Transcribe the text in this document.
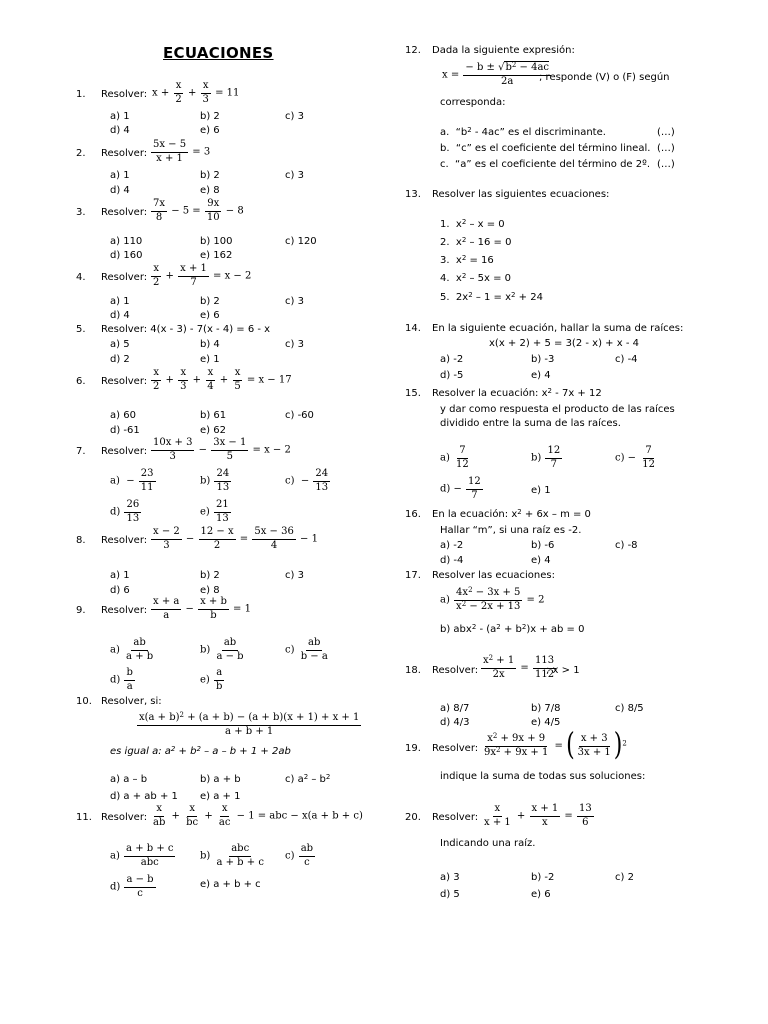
ECUACIONES
1. Resolver: $x + \frac{x}{2} + \frac{x}{3} = 11$
a) 1	b) 2	c) 3
d) 4	e) 6
2. Resolver: $\frac{5x - 5}{x + 1} = 3$
a) 1	b) 2	c) 3
d) 4	e) 8
3. Resolver: $\frac{7x}{8} - 5 = \frac{9x}{10} - 8$
a) 110	b) 100	c) 120
d) 160	e) 162
4. Resolver: $\frac{x}{2} + \frac{x + 1}{7} = x - 2$
a) 1	b) 2	c) 3
d) 4	e) 6
5. Resolver: 4(x - 3) - 7(x - 4) = 6 - x
a) 5	b) 4	c) 3
d) 2	e) 1
6. Resolver: $\frac{x}{2} + \frac{x}{3} + \frac{x}{4} + \frac{x}{5} = x - 17$
a) 60	b) 61	c) -60
d) -61	e) 62
7. Resolver: $\frac{10x + 3}{3} - \frac{3x - 1}{5} = x - 2$
$a) - \frac{23}{11}$	$b) \frac{24}{13}$	$c) - \frac{24}{13}$
$d) \frac{26}{13}$	$e) \frac{21}{13}$
8. Resolver: $\frac{x - 2}{3} - \frac{12 - x}{2} = \frac{5x - 36}{4} - 1$
a) 1	b) 2	c) 3
d) 6	e) 8
9. Resolver: $\frac{x + a}{a} - \frac{x + b}{b} = 1$
$a) \frac{ab}{a + b}$	$b) \frac{ab}{a - b}$	$c) \frac{ab}{b - a}$
$d) \frac{b}{a}$	$e) \frac{a}{b}$
10. Resolver, si:
$\frac{x(a + b)^2 + (a + b) - (a + b)(x + 1) + x + 1}{a + b + 1}$
es igual a: $a^2 + b^2 - a - b + 1 + 2ab$
a) a – b	b) a + b	c) $a^2 - b^2$
d) a + ab + 1 e) a + 1
11. Resolver: $\frac{x}{ab} + \frac{x}{bc} + \frac{x}{ac} - 1$ = abc − x(a + b + c)
$a) \frac{a + b + c}{\text{abc}} b) \frac{\text{abc}}{a + b + c} c) \frac{ab}{c}$
$d) \frac{a - b}{c}$	e) a + b + c
12. Dada la siguiente expresión:
$x = \frac{- b \pm √b^2 - 4ac}{2a}$
; responde (V) o (F) según
corresponda:
a. “$b^2 - 4ac$” es el discriminante.	(…)
b. “c” es el coeficiente del término lineal. (…)
c. “a” es el coeficiente del término de 2º. (…)
13. Resolver las siguientes ecuaciones:
1.  $x^2 - x = 0$
2.  $x^2 - 16 = 0$
3.  $x^2 = 16$
4.  $x^2 - 5x = 0$
5.  $2x^2 - 1 = x^2 + 24$
14. En la siguiente ecuación, hallar la suma de raíces:
x(x + 2) + 5 = 3(2 - x) + x - 4
a) -2	b) -3	c) -4
d) -5	e) 4
15. Resolver la ecuación: $x^2 - 7x + 12$
y dar como respuesta el producto de las raíces
dividido entre la suma de las raíces.
$a) \frac{7}{12}$	$b) \frac{12}{7}$	$c) - \frac{7}{12}$
$d) - \frac{12}{7}$	e) 1
16. En la ecuación: $x^2 + 6x - m = 0$
Hallar “m”, si una raíz es -2.
a) -2	b) -6	c) -8
d) -4	e) 4
17. Resolver las ecuaciones:
$a) \frac{4x^2 - 3x + 5}{x^2 - 2x + 13} = 2$
b) $abx^2 - (a^2 + b^2)x$ + ab = 0
18. Resolver: $\frac{x^2 + 1}{2x} = \frac{113}{112}$
; x > 1
a) 8/7	b) 7/8	c) 8/5
d) 4/3	e) 4/5
19. Resolver: $\frac{x^2 + 9x + 9}{9x^2 + 9x + 1}$ = ( $\frac{x + 3}{3x + 1} )^2$
indique la suma de todas sus soluciones:
20. Resolver: $\frac{x}{x + 1} + \frac{x + 1}{x} = \frac{13}{6}$
Indicando una raíz.
a) 3	b) -2	c) 2
d) 5	e) 6
